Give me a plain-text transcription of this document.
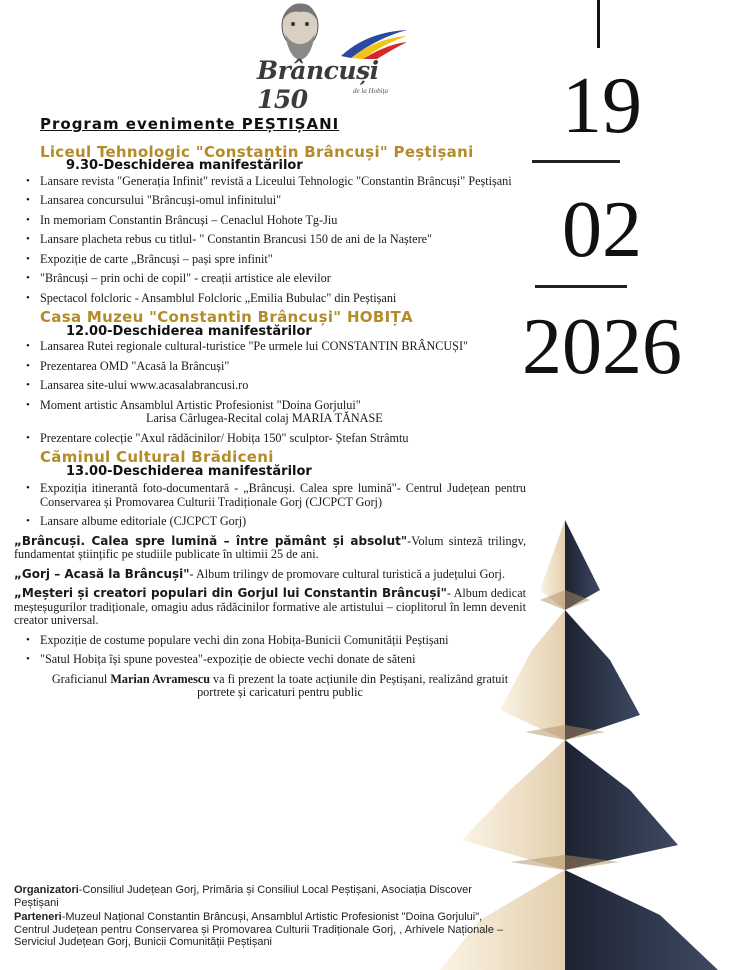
Brâncuși 150	de la Hobița 19
02
2026
Program evenimente PEȘTIȘANI
Liceul Tehnologic "Constantin Brâncuși" Peștișani
9.30-Deschiderea manifestărilor
• Lansare revista "Generația Infinit" revistă a Liceului Tehnologic "Constantin Brâncuși" Peștișani
• Lansarea concursului "Brâncuși-omul infinitului"
• In memoriam Constantin Brâncuși – Cenaclul Hohote Tg-Jiu
• Lansare placheta rebus cu titlul- " Constantin Brancusi 150 de ani de la Naștere"
• Expoziție de carte „Brâncuși – pași spre infinit"
• "Brâncuși – prin ochi de copil" - creații artistice ale elevilor
• Spectacol folcloric - Ansamblul Folcloric „Emilia Bubulac" din Peștișani
Casa Muzeu "Constantin Brâncuși" HOBIȚA
12.00-Deschiderea manifestărilor
• Lansarea Rutei regionale cultural-turistice "Pe urmele lui CONSTANTIN BRÂNCUȘI"
• Prezentarea OMD "Acasă la Brâncuși"
• Lansarea site-ului www.acasalabrancusi.ro
• Moment artistic Ansamblul Artistic Profesionist "Doina Gorjului"
Larisa Cârlugea-Recital colaj MARIA TĂNASE
• Prezentare colecție "Axul rădăcinilor/ Hobița 150" sculptor- Ștefan Strâmtu
Căminul Cultural Brădiceni
13.00-Deschiderea manifestărilor
• Expoziția itinerantă foto-documentară - „Brâncuși. Calea spre lumină"- Centrul Județean pentru Conservarea și Promovarea Culturii Tradiționale Gorj (CJCPCT Gorj)
• Lansare albume editoriale (CJCPCT Gorj)

„Brâncuși. Calea spre lumină – între pământ și absolut"-Volum sinteză trilingv, fundamentat științific pe studiile publicate în ultimii 25 de ani.

„Gorj – Acasă la Brâncuși"- Album trilingv de promovare cultural turistică a județului Gorj.

„Meșteri și creatori populari din Gorjul lui Constantin Brâncuși"- Album dedicat meșteșugurilor tradiționale, omagiu adus rădăcinilor formative ale artistului – cioplitorul în lemn devenit creator universal.

• Expoziție de costume populare vechi din zona Hobița-Bunicii Comunității Peștișani
• "Satul Hobița își spune povestea"-expoziție de obiecte vechi donate de săteni

Graficianul Marian Avramescu va fi prezent la toate acțiunile din Peștișani, realizând gratuit portrete și caricaturi pentru public

Organizatori-Consiliul Județean Gorj, Primăria și Consiliul Local Peștișani, Asociația Discover Peștișani

Parteneri-Muzeul Național Constantin Brâncuși, Ansamblul Artistic Profesionist "Doina Gorjului", Centrul Județean pentru Conservarea și Promovarea Culturii Tradiționale Gorj, , Arhivele Naționale – Serviciul Județean Gorj, Bunicii Comunității Peștișani
